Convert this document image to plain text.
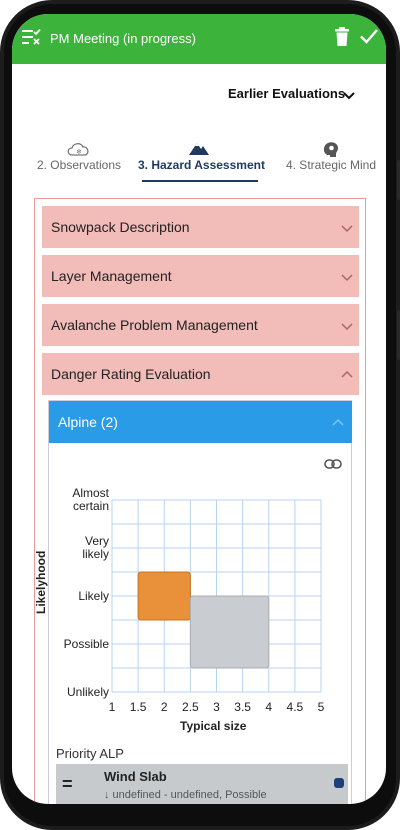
PM Meeting (in progress)
Earlier Evaluations
❄
2. Observations 3. Hazard Assessment	4. Strategic Mind
Snowpack Description
Layer Management
Avalanche Problem Management
Danger Rating Evaluation
Alpine (2)
1 1.5 2 2.5 3 3.5 4 4.5 5
Unlikely
Possible
Likely
Very likely
Almost certain
Likelyhood
Typical size
Priority ALP
= Wind Slab
↓ undefined - undefined, Possible
